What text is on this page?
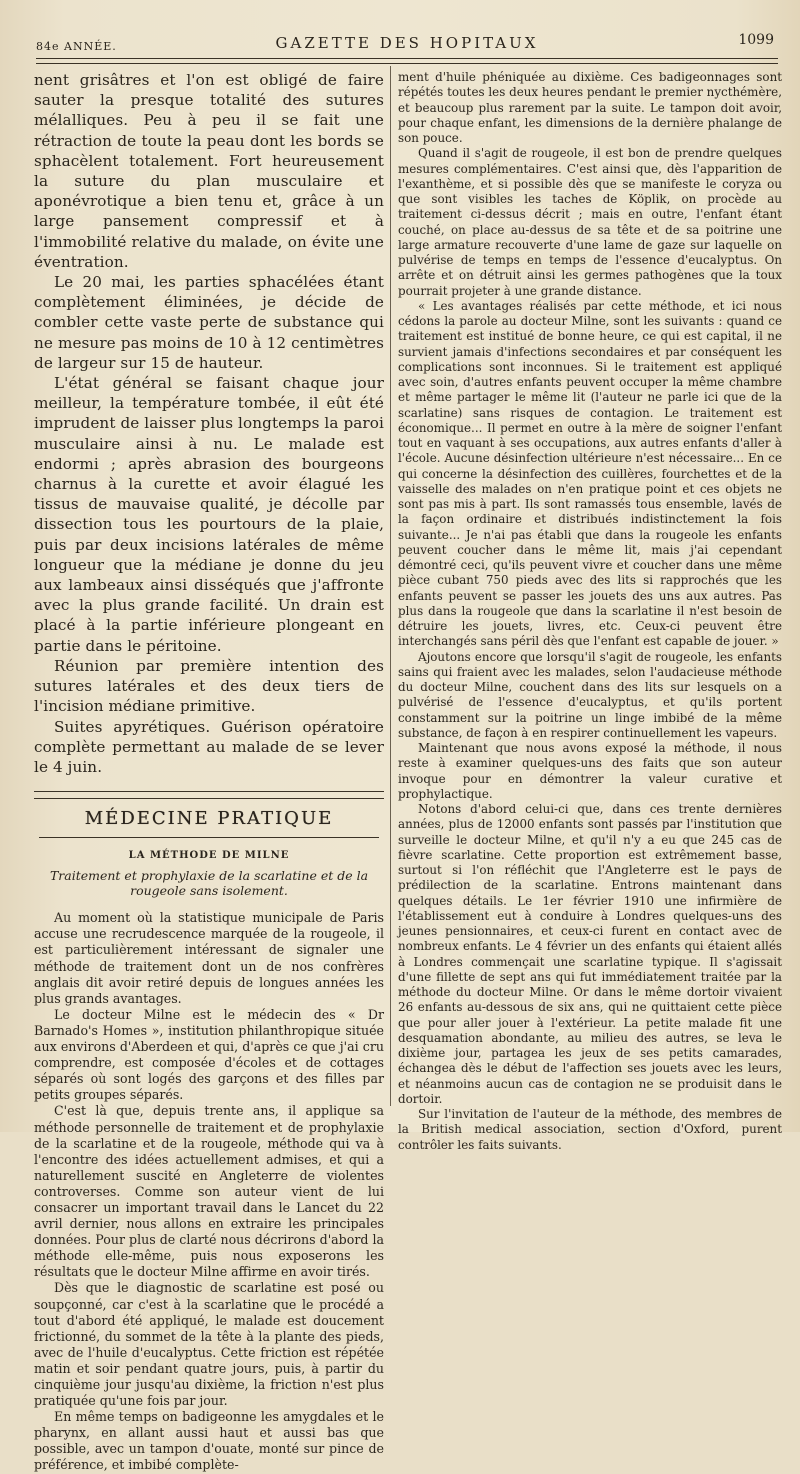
84e ANNÉE.	GAZETTE DES HOPITAUX	1099

nent grisâtres et l'on est obligé de faire sauter la presque totalité des sutures mélalliques. Peu à peu il se fait une rétraction de toute la peau dont les bords se sphacèlent totalement. Fort heureusement la suture du plan musculaire et aponévrotique a bien tenu et, grâce à un large pansement compressif et à l'immobilité relative du malade, on évite une éventration.

Le 20 mai, les parties sphacélées étant complètement éliminées, je décide de combler cette vaste perte de substance qui ne mesure pas moins de 10 à 12 centimètres de largeur sur 15 de hauteur.

L'état général se faisant chaque jour meilleur, la température tombée, il eût été imprudent de laisser plus longtemps la paroi musculaire ainsi à nu. Le malade est endormi ; après abrasion des bourgeons charnus à la curette et avoir élagué les tissus de mauvaise qualité, je décolle par dissection tous les pourtours de la plaie, puis par deux incisions latérales de même longueur que la médiane je donne du jeu aux lambeaux ainsi disséqués que j'affronte avec la plus grande facilité. Un drain est placé à la partie inférieure plongeant en partie dans le péritoine.

Réunion par première intention des sutures latérales et des deux tiers de l'incision médiane primitive.

Suites apyrétiques. Guérison opératoire complète permettant au malade de se lever le 4 juin.

MÉDECINE PRATIQUE
LA MÉTHODE DE MILNE
Traitement et prophylaxie de la scarlatine et de la rougeole sans isolement.

Au moment où la statistique municipale de Paris accuse une recrudescence marquée de la rougeole, il est particulièrement intéressant de signaler une méthode de traitement dont un de nos confrères anglais dit avoir retiré depuis de longues années les plus grands avantages.

Le docteur Milne est le médecin des « Dr Barnado's Homes », institution philanthropique située aux environs d'Aberdeen et qui, d'après ce que j'ai cru comprendre, est composée d'écoles et de cottages séparés où sont logés des garçons et des filles par petits groupes séparés.

C'est là que, depuis trente ans, il applique sa méthode personnelle de traitement et de prophylaxie de la scarlatine et de la rougeole, méthode qui va à l'encontre des idées actuellement admises, et qui a naturellement suscité en Angleterre de violentes controverses. Comme son auteur vient de lui consacrer un important travail dans le Lancet du 22 avril dernier, nous allons en extraire les principales données. Pour plus de clarté nous décrirons d'abord la méthode elle-même, puis nous exposerons les résultats que le docteur Milne affirme en avoir tirés.

Dès que le diagnostic de scarlatine est posé ou soupçonné, car c'est à la scarlatine que le procédé a tout d'abord été appliqué, le malade est doucement frictionné, du sommet de la tête à la plante des pieds, avec de l'huile d'eucalyptus. Cette friction est répétée matin et soir pendant quatre jours, puis, à partir du cinquième jour jusqu'au dixième, la friction n'est plus pratiquée qu'une fois par jour.

En même temps on badigeonne les amygdales et le pharynx, en allant aussi haut et aussi bas que possible, avec un tampon d'ouate, monté sur pince de préférence, et imbibé complète-

ment d'huile phéniquée au dixième. Ces badigeonnages sont répétés toutes les deux heures pendant le premier nycthémère, et beaucoup plus rarement par la suite. Le tampon doit avoir, pour chaque enfant, les dimensions de la dernière phalange de son pouce.

Quand il s'agit de rougeole, il est bon de prendre quelques mesures complémentaires. C'est ainsi que, dès l'apparition de l'exanthème, et si possible dès que se manifeste le coryza ou que sont visibles les taches de Köplik, on procède au traitement ci-dessus décrit ; mais en outre, l'enfant étant couché, on place au-dessus de sa tête et de sa poitrine une large armature recouverte d'une lame de gaze sur laquelle on pulvérise de temps en temps de l'essence d'eucalyptus. On arrête et on détruit ainsi les germes pathogènes que la toux pourrait projeter à une grande distance.

« Les avantages réalisés par cette méthode, et ici nous cédons la parole au docteur Milne, sont les suivants : quand ce traitement est institué de bonne heure, ce qui est capital, il ne survient jamais d'infections secondaires et par conséquent les complications sont inconnues. Si le traitement est appliqué avec soin, d'autres enfants peuvent occuper la même chambre et même partager le même lit (l'auteur ne parle ici que de la scarlatine) sans risques de contagion. Le traitement est économique... Il permet en outre à la mère de soigner l'enfant tout en vaquant à ses occupations, aux autres enfants d'aller à l'école. Aucune désinfection ultérieure n'est nécessaire... En ce qui concerne la désinfection des cuillères, fourchettes et de la vaisselle des malades on n'en pratique point et ces objets ne sont pas mis à part. Ils sont ramassés tous ensemble, lavés de la façon ordinaire et distribués indistinctement la fois suivante... Je n'ai pas établi que dans la rougeole les enfants peuvent coucher dans le même lit, mais j'ai cependant démontré ceci, qu'ils peuvent vivre et coucher dans une même pièce cubant 750 pieds avec des lits si rapprochés que les enfants peuvent se passer les jouets des uns aux autres. Pas plus dans la rougeole que dans la scarlatine il n'est besoin de détruire les jouets, livres, etc. Ceux-ci peuvent être interchangés sans péril dès que l'enfant est capable de jouer. »

Ajoutons encore que lorsqu'il s'agit de rougeole, les enfants sains qui fraient avec les malades, selon l'audacieuse méthode du docteur Milne, couchent dans des lits sur lesquels on a pulvérisé de l'essence d'eucalyptus, et qu'ils portent constamment sur la poitrine un linge imbibé de la même substance, de façon à en respirer continuellement les vapeurs.

Maintenant que nous avons exposé la méthode, il nous reste à examiner quelques-uns des faits que son auteur invoque pour en démontrer la valeur curative et prophylactique.

Notons d'abord celui-ci que, dans ces trente dernières années, plus de 12000 enfants sont passés par l'institution que surveille le docteur Milne, et qu'il n'y a eu que 245 cas de fièvre scarlatine. Cette proportion est extrêmement basse, surtout si l'on réfléchit que l'Angleterre est le pays de prédilection de la scarlatine. Entrons maintenant dans quelques détails. Le 1er février 1910 une infirmière de l'établissement eut à conduire à Londres quelques-uns des jeunes pensionnaires, et ceux-ci furent en contact avec de nombreux enfants. Le 4 février un des enfants qui étaient allés à Londres commençait une scarlatine typique. Il s'agissait d'une fillette de sept ans qui fut immédiatement traitée par la méthode du docteur Milne. Or dans le même dortoir vivaient 26 enfants au-dessous de six ans, qui ne quittaient cette pièce que pour aller jouer à l'extérieur. La petite malade fit une desquamation abondante, au milieu des autres, se leva le dixième jour, partagea les jeux de ses petits camarades, échangea dès le début de l'affection ses jouets avec les leurs, et néanmoins aucun cas de contagion ne se produisit dans le dortoir.

Sur l'invitation de l'auteur de la méthode, des membres de la British medical association, section d'Oxford, purent contrôler les faits suivants.
